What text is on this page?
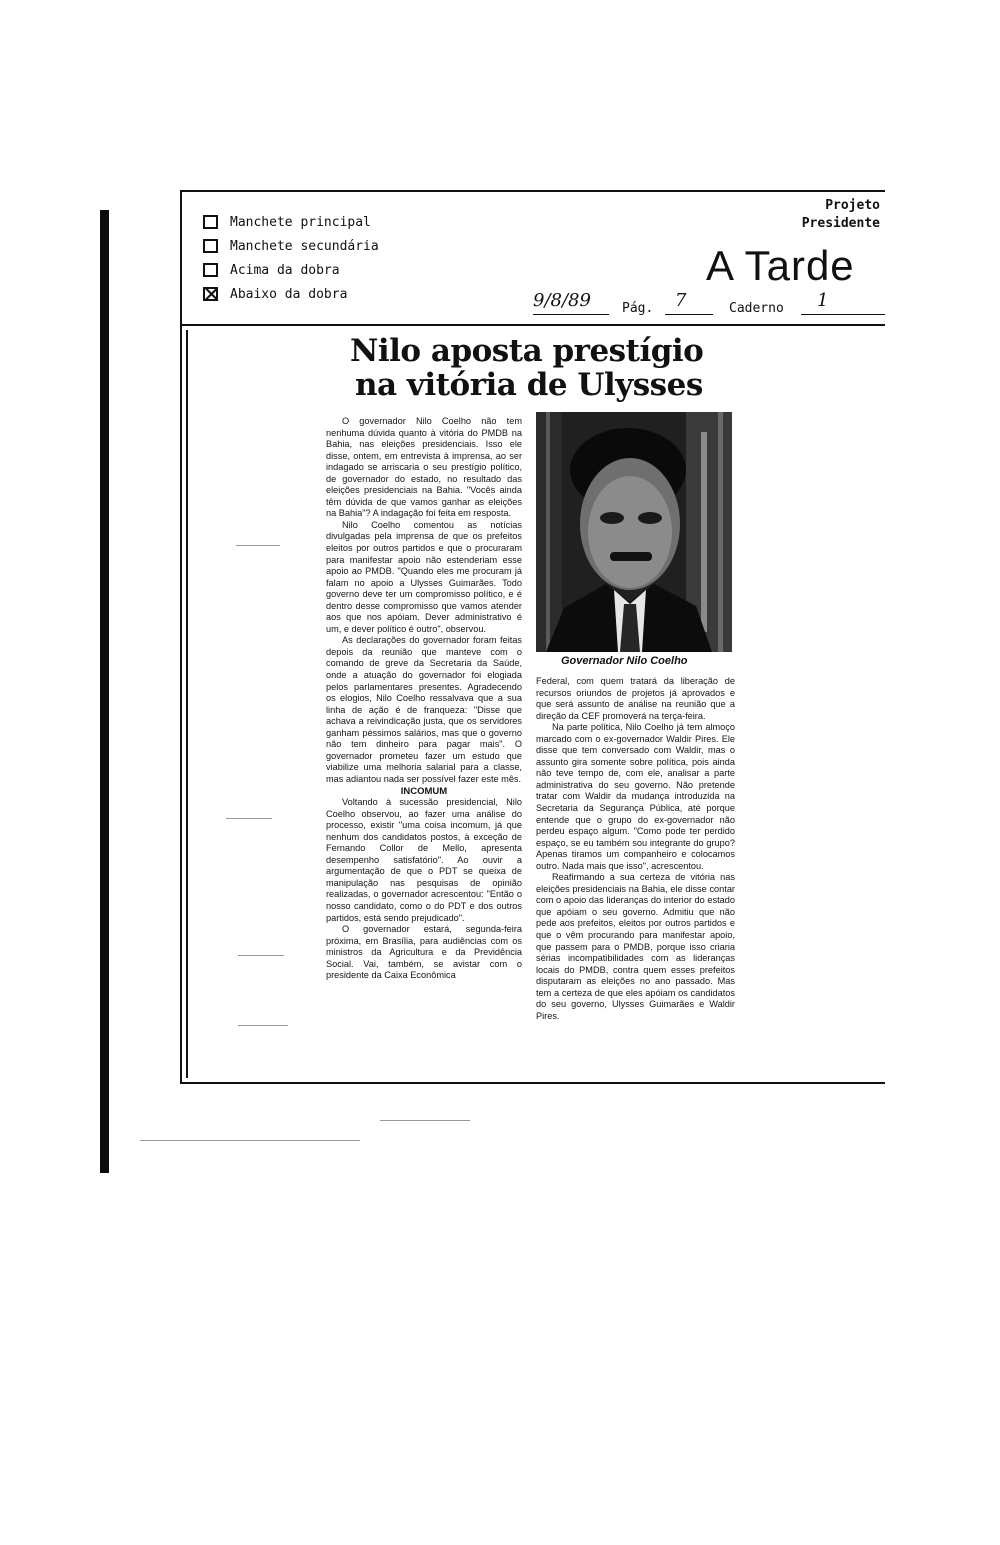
Manchete principal
Manchete secundária
Acima da dobra
Abaixo da dobra
Projeto
Presidente
A Tarde
9/8/89 Pág. 7	Caderno 1
Nilo aposta prestígio
na vitória de Ulysses
Governador Nilo Coelho

O governador Nilo Coelho não tem nenhuma dúvida quanto à vitória do PMDB na Bahia, nas eleições presidenciais. Isso ele disse, ontem, em entrevista à imprensa, ao ser indagado se arriscaria o seu prestígio político, de governador do estado, no resultado das eleições presidenciais na Bahia. "Vocês ainda têm dúvida de que vamos ganhar as eleições na Bahia"? A indagação foi feita em resposta.

Nilo Coelho comentou as notícias divulgadas pela imprensa de que os prefeitos eleitos por outros partidos e que o procuraram para manifestar apoio não estenderiam esse apoio ao PMDB. "Quando eles me procuram já falam no apoio a Ulysses Guimarães. Todo governo deve ter um compromisso político, e é dentro desse compromisso que vamos atender aos que nos apóiam. Dever administrativo é um, e dever político é outro", observou.

As declarações do governador foram feitas depois da reunião que manteve com o comando de greve da Secretaria da Saúde, onde a atuação do governador foi elogiada pelos parlamentares presentes. Agradecendo os elogios, Nilo Coelho ressalvava que a sua linha de ação é de franqueza: "Disse que achava a reivindicação justa, que os servidores ganham péssimos salários, mas que o governo não tem dinheiro para pagar mais". O governador prometeu fazer um estudo que viabilize uma melhoria salarial para a classe, mas adiantou nada ser possível fazer este mês.

INCOMUM

Voltando à sucessão presidencial, Nilo Coelho observou, ao fazer uma análise do processo, existir "uma coisa incomum, já que nenhum dos candidatos postos, à exceção de Fernando Collor de Mello, apresenta desempenho satisfatório". Ao ouvir a argumentação de que o PDT se queixa de manipulação nas pesquisas de opinião realizadas, o governador acrescentou: "Então o nosso candidato, como o do PDT e dos outros partidos, está sendo prejudicado".

O governador estará, segunda-feira próxima, em Brasília, para audiências com os ministros da Agricultura e da Previdência Social. Vai, também, se avistar com o presidente da Caixa Econômica

Federal, com quem tratará da liberação de recursos oriundos de projetos já aprovados e que será assunto de análise na reunião que a direção da CEF promoverá na terça-feira.

Na parte política, Nilo Coelho já tem almoço marcado com o ex-governador Waldir Pires. Ele disse que tem conversado com Waldir, mas o assunto gira somente sobre política, pois ainda não teve tempo de, com ele, analisar a parte administrativa do seu governo. Não pretende tratar com Waldir da mudança introduzida na Secretaria da Segurança Pública, até porque entende que o grupo do ex-governador não perdeu espaço algum. "Como pode ter perdido espaço, se eu também sou integrante do grupo? Apenas tiramos um companheiro e colocamos outro. Nada mais que isso", acrescentou.

Reafirmando a sua certeza de vitória nas eleições presidenciais na Bahia, ele disse contar com o apoio das lideranças do interior do estado que apóiam o seu governo. Admitiu que não pede aos prefeitos, eleitos por outros partidos e que o vêm procurando para manifestar apoio, que passem para o PMDB, porque isso criaria sérias incompatibilidades com as lideranças locais do PMDB, contra quem esses prefeitos disputaram as eleições no ano passado. Mas tem a certeza de que eles apóiam os candidatos do seu governo, Ulysses Guimarães e Waldir Pires.
